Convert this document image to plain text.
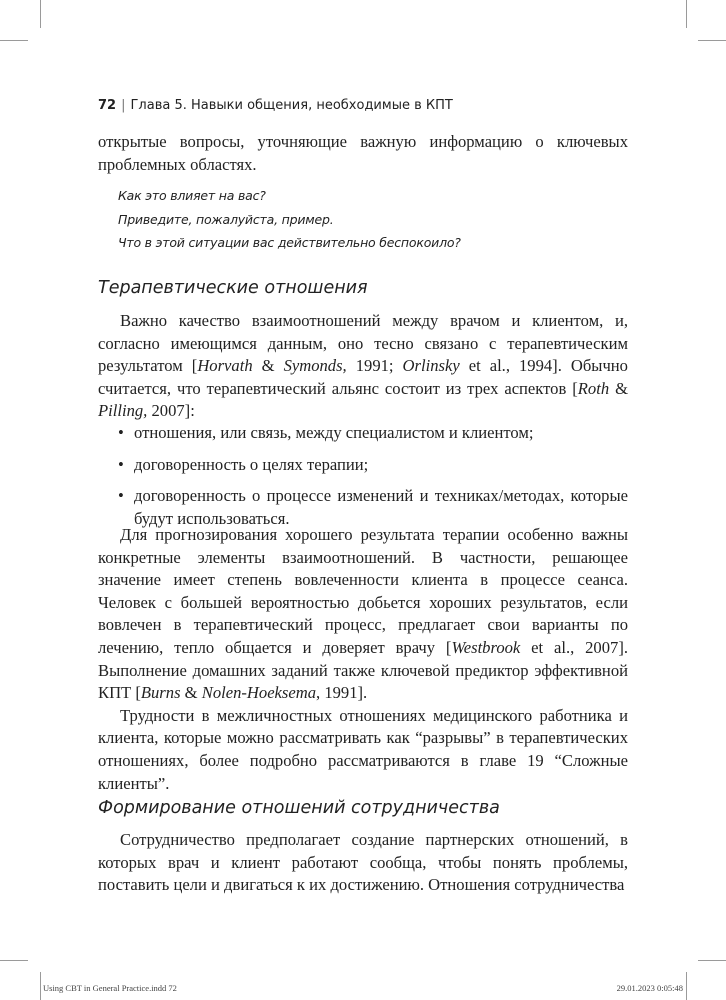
72 | Глава 5. Навыки общения, необходимые в КПТ

открытые вопросы, уточняющие важную информацию о ключевых проблемных областях.

Как это влияет на вас?
Приведите, пожалуйста, пример.
Что в этой ситуации вас действительно беспокоило?
Терапевтические отношения

Важно качество взаимоотношений между врачом и клиентом, и, согласно имеющимся данным, оно тесно связано с терапевтическим результатом [Horvath & Symonds, 1991; Orlinsky et al., 1994]. Обычно считается, что терапевтический альянс состоит из трех аспектов [Roth & Pilling, 2007]:

• отношения, или связь, между специалистом и клиентом;
• договоренность о целях терапии;
• договоренность о процессе изменений и техниках/методах, которые будут использоваться.

Для прогнозирования хорошего результата терапии особенно важны конкретные элементы взаимоотношений. В частности, решающее значение имеет степень вовлеченности клиента в процессе сеанса. Человек с большей вероятностью добьется хороших результатов, если вовлечен в терапевтический процесс, предлагает свои варианты по лечению, тепло общается и доверяет врачу [Westbrook et al., 2007]. Выполнение домашних заданий также ключевой предиктор эффективной КПТ [Burns & Nolen-Hoeksema, 1991].

Трудности в межличностных отношениях медицинского работника и клиента, которые можно рассматривать как “разрывы” в терапевтических отношениях, более подробно рассматриваются в главе 19 “Сложные клиенты”.

Формирование отношений сотрудничества

Сотрудничество предполагает создание партнерских отношений, в которых врач и клиент работают сообща, чтобы понять проблемы, поставить цели и двигаться к их достижению. Отношения сотрудничества

Using CBT in General Practice.indd 72	29.01.2023 0:05:48
